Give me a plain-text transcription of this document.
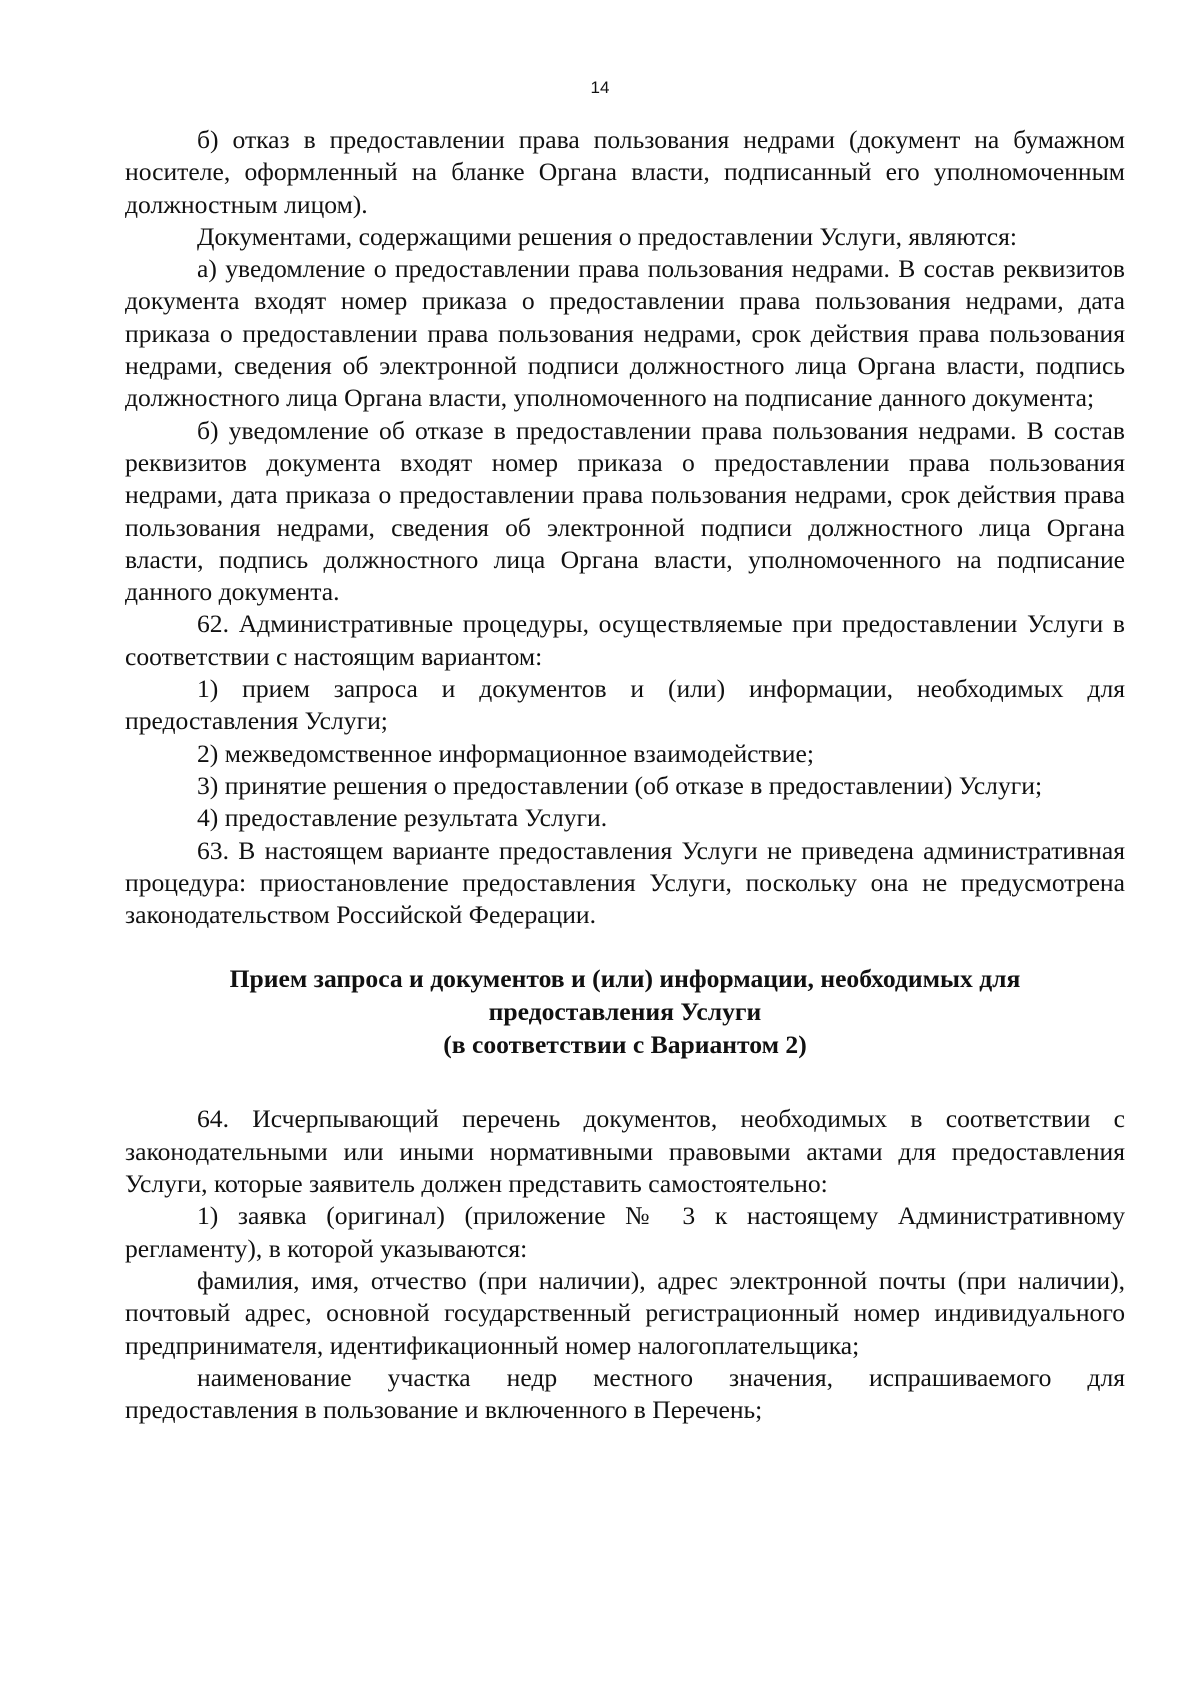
14

б) отказ в предоставлении права пользования недрами (документ на бумажном носителе, оформленный на бланке Органа власти, подписанный его уполномоченным должностным лицом).

Документами, содержащими решения о предоставлении Услуги, являются:

а) уведомление о предоставлении права пользования недрами. В состав реквизитов документа входят номер приказа о предоставлении права пользования недрами, дата приказа о предоставлении права пользования недрами, срок действия права пользования недрами, сведения об электронной подписи должностного лица Органа власти, подпись должностного лица Органа власти, уполномоченного на подписание данного документа;

б) уведомление об отказе в предоставлении права пользования недрами. В состав реквизитов документа входят номер приказа о предоставлении права пользования недрами, дата приказа о предоставлении права пользования недрами, срок действия права пользования недрами, сведения об электронной подписи должностного лица Органа власти, подпись должностного лица Органа власти, уполномоченного на подписание данного документа.

62. Административные процедуры, осуществляемые при предоставлении Услуги в соответствии с настоящим вариантом:

1) прием запроса и документов и (или) информации, необходимых для предоставления Услуги;

2) межведомственное информационное взаимодействие;

3) принятие решения о предоставлении (об отказе в предоставлении) Услуги;

4) предоставление результата Услуги.

63. В настоящем варианте предоставления Услуги не приведена административная процедура: приостановление предоставления Услуги, поскольку она не предусмотрена законодательством Российской Федерации.

Прием запроса и документов и (или) информации, необходимых для
предоставления Услуги
(в соответствии с Вариантом 2)

64. Исчерпывающий перечень документов, необходимых в соответствии с законодательными или иными нормативными правовыми актами для предоставления Услуги, которые заявитель должен представить самостоятельно:

1) заявка (оригинал) (приложение № 3 к настоящему Административному регламенту), в которой указываются:

фамилия, имя, отчество (при наличии), адрес электронной почты (при наличии), почтовый адрес, основной государственный регистрационный номер индивидуального предпринимателя, идентификационный номер налогоплательщика;

наименование участка недр местного значения, испрашиваемого для предоставления в пользование и включенного в Перечень;
